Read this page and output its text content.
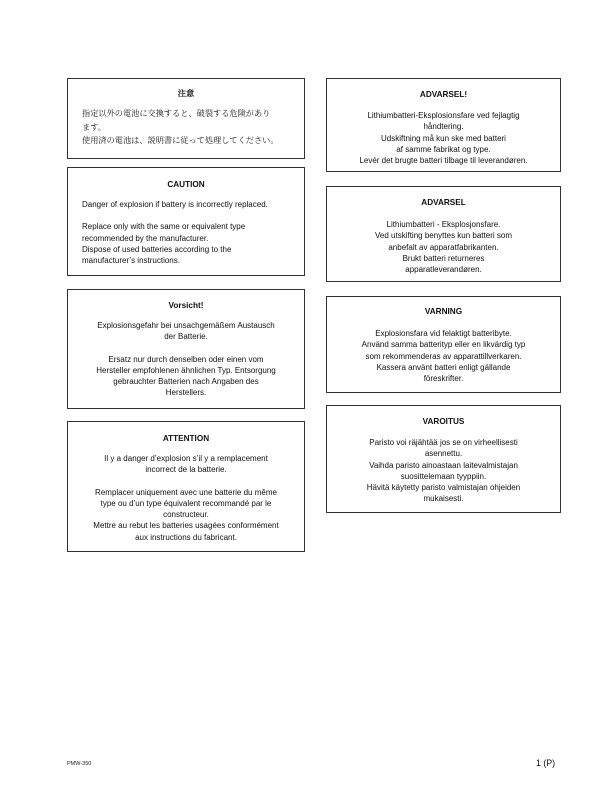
注意

指定以外の電池に交換すると、破裂する危険があり

ます。

使用済の電池は、説明書に従って処理してください。

CAUTION

Danger of explosion if battery is incorrectly replaced.

Replace only with the same or equivalent type

recommended by the manufacturer.

Dispose of used batteries according to the

manufacturer’s instructions.

Vorsicht!

Explosionsgefahr bei unsachgemäßem Austausch

der Batterie.

Ersatz nur durch denselben oder einen vom

Hersteller empfohlenen ähnlichen Typ. Entsorgung

gebrauchter Batterien nach Angaben des

Herstellers.

ATTENTION

Il y a danger d’explosion s’il y a remplacement

incorrect de la batterie.

Remplacer uniquement avec une batterie du même

type ou d’un type équivalent recommandé par le

constructeur.

Mettre au rebut les batteries usagées conformément

aux instructions du fabricant.

ADVARSEL!

Lithiumbatteri-Eksplosionsfare ved fejlagtig

håndtering.

Udskiftning må kun ske med batteri

af samme fabrikat og type.

Levér det brugte batteri tilbage til leverandøren.

ADVARSEL

Lithiumbatteri - Eksplosjonsfare.

Ved utskifting benyttes kun batteri som

anbefalt av apparatfabrikanten.

Brukt batteri returneres

apparatleverandøren.

VARNING

Explosionsfara vid felaktigt batteribyte.

Använd samma batterityp eller en likvärdig typ

som rekommenderas av apparattillverkaren.

Kassera använt batteri enligt gällande

föreskrifter.

VAROITUS

Paristo voi räjähtää jos se on virheellisesti

asennettu.

Vaihda paristo ainoastaan laitevalmistajan

suosittelemaan tyyppiin.

Hävitä käytetty paristo valmistajan ohjeiden

mukaisesti.

PMW-350	1 (P)
